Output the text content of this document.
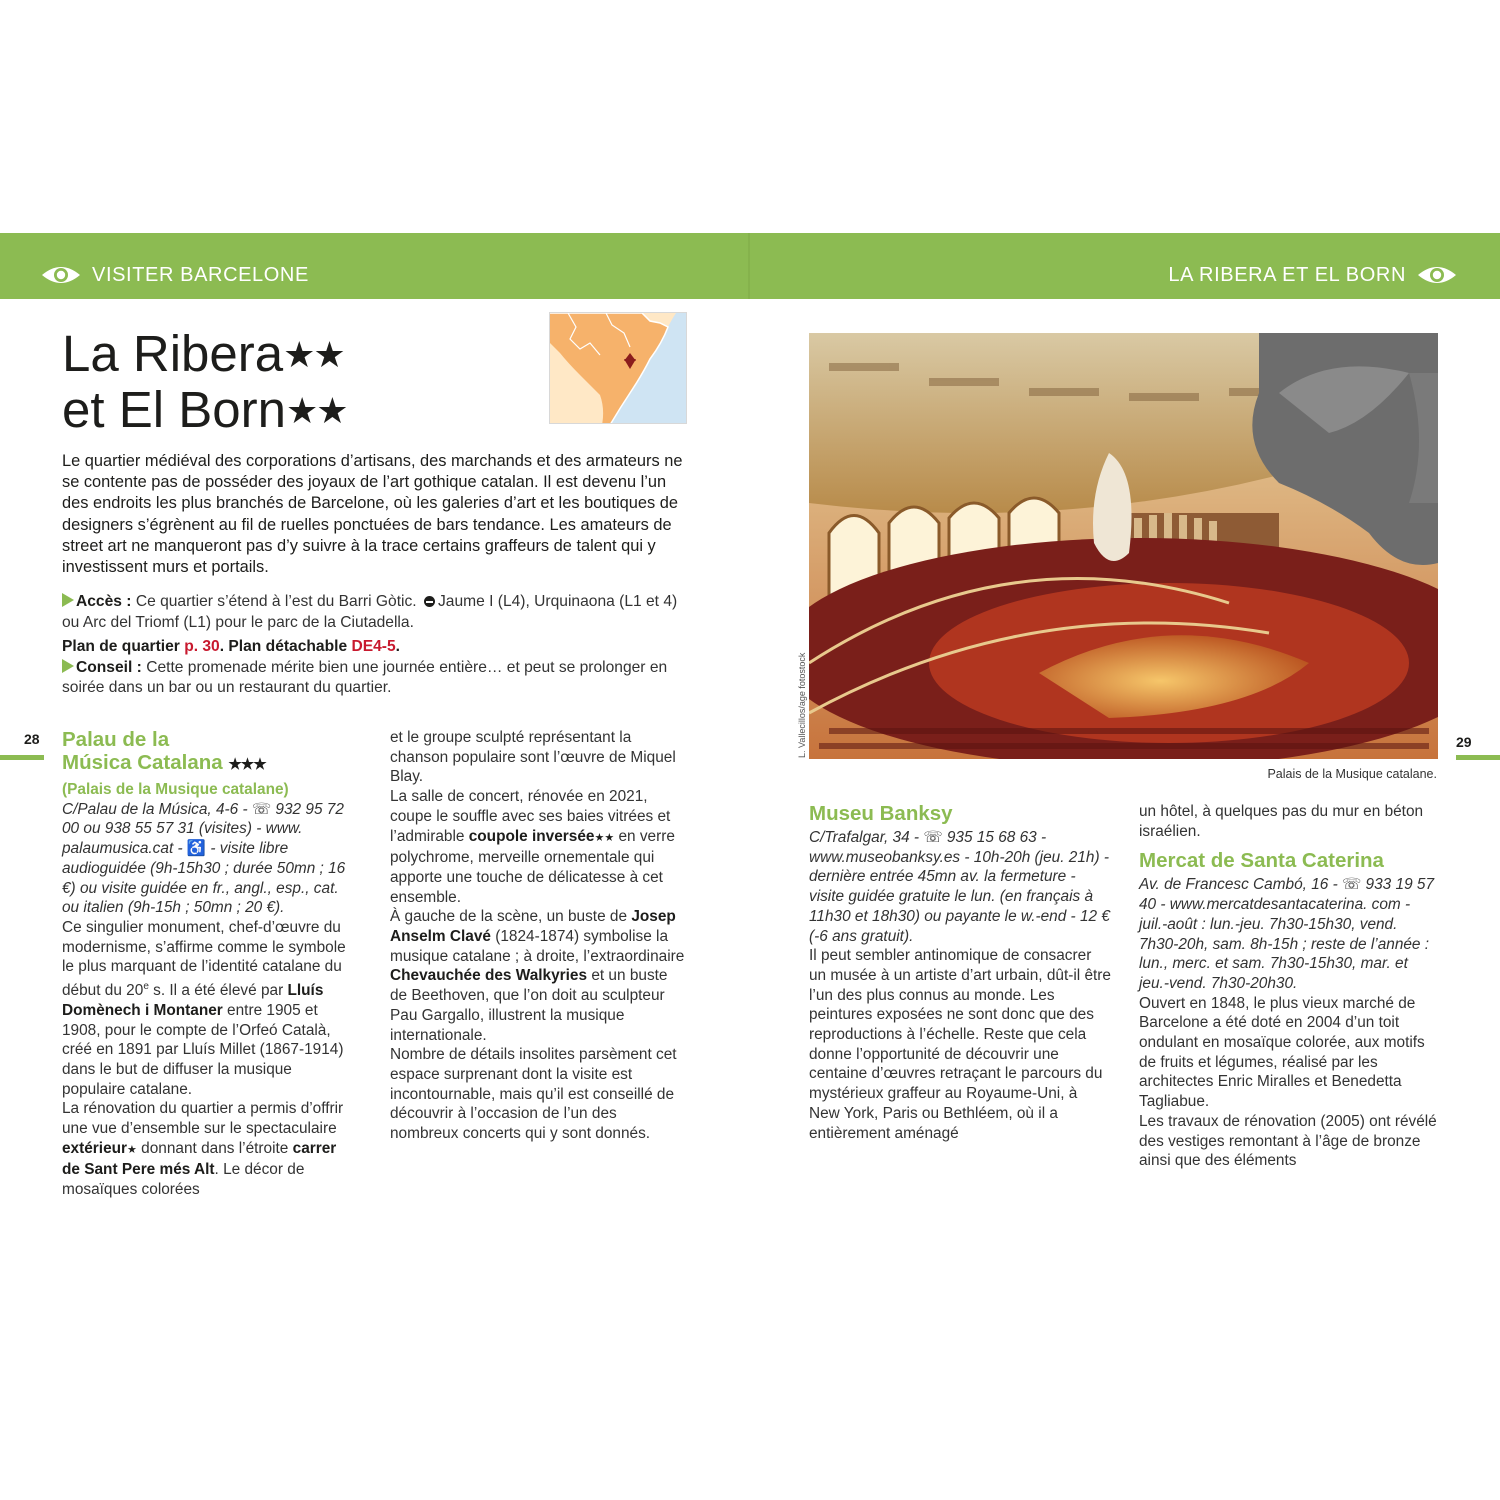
VISITER BARCELONE	LA RIBERA ET EL BORN
La Ribera★★
et El Born★★

Le quartier médiéval des corporations d’artisans, des marchands et des armateurs ne se contente pas de posséder des joyaux de l’art gothique catalan. Il est devenu l’un des endroits les plus branchés de Barcelone, où les galeries d’art et les boutiques de designers s’égrènent au fil de ruelles ponctuées de bars tendance. Les amateurs de street art ne manqueront pas d’y suivre à la trace certains graffeurs de talent qui y investissent murs et portails.

Accès : Ce quartier s’étend à l’est du Barri Gòtic. Jaume I (L4), Urquinaona (L1 et 4) ou Arc del Triomf (L1) pour le parc de la Ciutadella.

Plan de quartier p. 30. Plan détachable DE4-5.

Conseil : Cette promenade mérite bien une journée entière… et peut se prolonger en soirée dans un bar ou un restaurant du quartier.

28	29
Palau de la
Música Catalana ★★★

(Palais de la Musique catalane)

C/Palau de la Música, 4-6 - ☏ 932 95 72 00 ou 938 55 57 31 (visites) - www. palaumusica.cat - ♿ - visite libre audioguidée (9h-15h30 ; durée 50mn ; 16 €) ou visite guidée en fr., angl., esp., cat. ou italien (9h-15h ; 50mn ; 20 €).

Ce singulier monument, chef-d’œuvre du modernisme, s’affirme comme le symbole le plus marquant de l’identité catalane du début du 20e s. Il a été élevé par Lluís Domènech i Montaner entre 1905 et 1908, pour le compte de l’Orfeó Català, créé en 1891 par Lluís Millet (1867-1914) dans le but de diffuser la musique populaire catalane.

La rénovation du quartier a permis d’offrir une vue d’ensemble sur le spectaculaire extérieur★ donnant dans l’étroite carrer de Sant Pere més Alt. Le décor de mosaïques colorées

et le groupe sculpté représentant la chanson populaire sont l’œuvre de Miquel Blay.

La salle de concert, rénovée en 2021, coupe le souffle avec ses baies vitrées et l’admirable coupole inversée★★ en verre polychrome, merveille ornementale qui apporte une touche de délicatesse à cet ensemble.

À gauche de la scène, un buste de Josep Anselm Clavé (1824-1874) symbolise la musique catalane ; à droite, l’extraordinaire Chevauchée des Walkyries et un buste de Beethoven, que l’on doit au sculpteur Pau Gargallo, illustrent la musique internationale.

Nombre de détails insolites parsèment cet espace surprenant dont la visite est incontournable, mais qu’il est conseillé de découvrir à l’occasion de l’un des nombreux concerts qui y sont donnés.

L. Vallecillos/age fotostock
Palais de la Musique catalane.
Museu Banksy

C/Trafalgar, 34 - ☏ 935 15 68 63 - www.museobanksy.es - 10h-20h (jeu. 21h) - dernière entrée 45mn av. la fermeture - visite guidée gratuite le lun. (en français à 11h30 et 18h30) ou payante le w.-end - 12 € (-6 ans gratuit).

Il peut sembler antinomique de consacrer un musée à un artiste d’art urbain, dût-il être l’un des plus connus au monde. Les peintures exposées ne sont donc que des reproductions à l’échelle. Reste que cela donne l’opportunité de découvrir une centaine d’œuvres retraçant le parcours du mystérieux graffeur au Royaume-Uni, à New York, Paris ou Bethléem, où il a entièrement aménagé

un hôtel, à quelques pas du mur en béton israélien.

Mercat de Santa Caterina

Av. de Francesc Cambó, 16 - ☏ 933 19 57 40 - www.mercatdesantacaterina. com - juil.-août : lun.-jeu. 7h30-15h30, vend. 7h30-20h, sam. 8h-15h ; reste de l’année : lun., merc. et sam. 7h30-15h30, mar. et jeu.-vend. 7h30-20h30.

Ouvert en 1848, le plus vieux marché de Barcelone a été doté en 2004 d’un toit ondulant en mosaïque colorée, aux motifs de fruits et légumes, réalisé par les architectes Enric Miralles et Benedetta Tagliabue.

Les travaux de rénovation (2005) ont révélé des vestiges remontant à l’âge de bronze ainsi que des éléments
